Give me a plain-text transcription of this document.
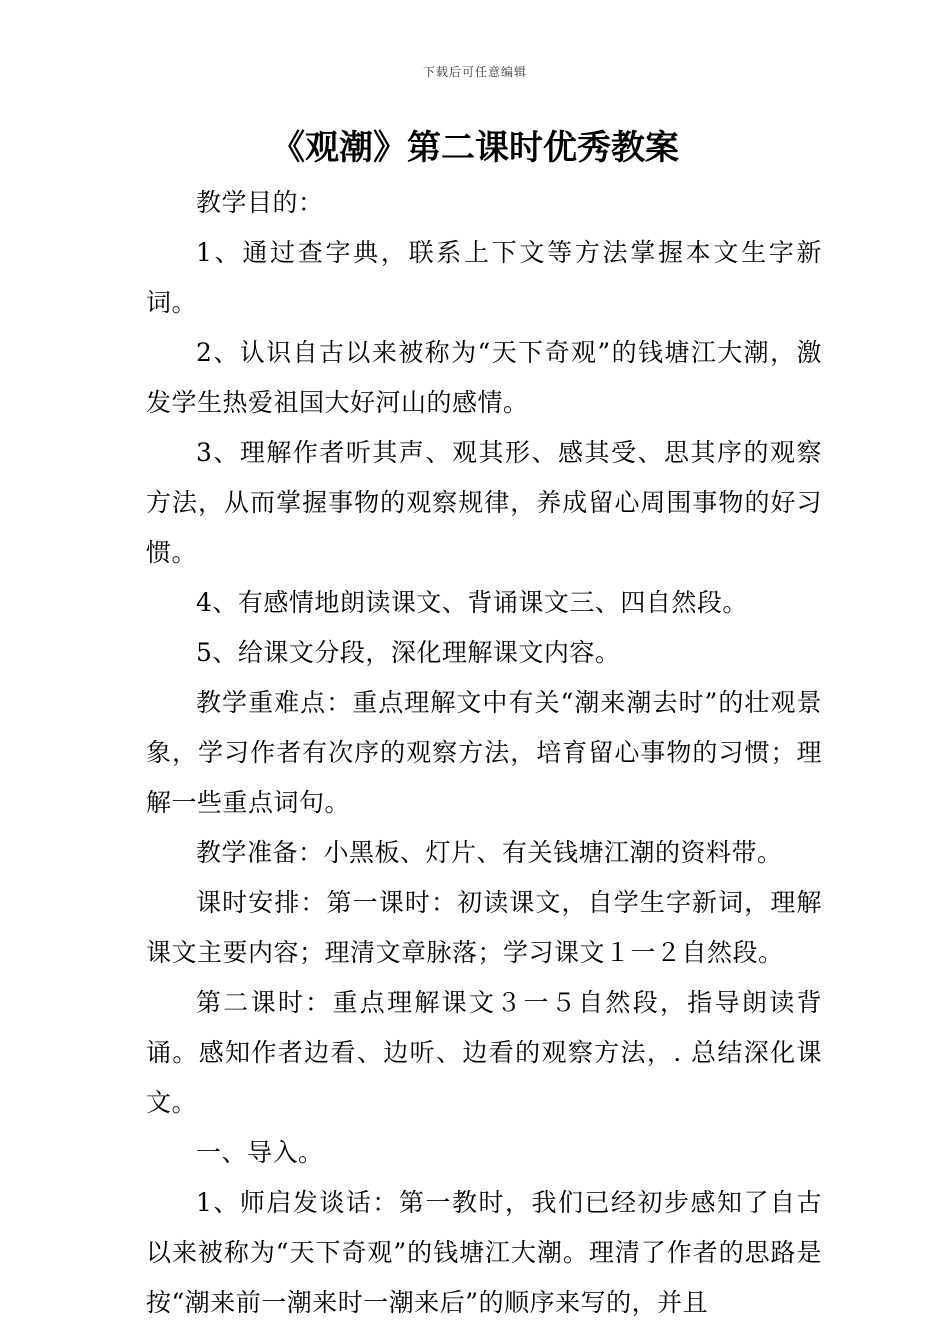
下载后可任意编辑
《观潮》第二课时优秀教案

教学目的：

1、通过查字典，联系上下文等方法掌握本文生字新词。

2、认识自古以来被称为“天下奇观”的钱塘江大潮，激发学生热爱祖国大好河山的感情。

3、理解作者听其声、观其形、感其受、思其序的观察方法，从而掌握事物的观察规律，养成留心周围事物的好习惯。

4、有感情地朗读课文、背诵课文三、四自然段。

5、给课文分段，深化理解课文内容。

教学重难点：重点理解文中有关“潮来潮去时”的壮观景象，学习作者有次序的观察方法，培育留心事物的习惯；理解一些重点词句。

教学准备：小黑板、灯片、有关钱塘江潮的资料带。

课时安排：第一课时：初读课文，自学生字新词，理解课文主要内容；理清文章脉落；学习课文１一２自然段。

第二课时：重点理解课文３一５自然段，指导朗读背诵。感知作者边看、边听、边看的观察方法，. 总结深化课文。

一、导入。

1、师启发谈话：第一教时，我们已经初步感知了自古以来被称为“天下奇观”的钱塘江大潮。理清了作者的思路是按“潮来前一潮来时一潮来后”的顺序来写的，并且
